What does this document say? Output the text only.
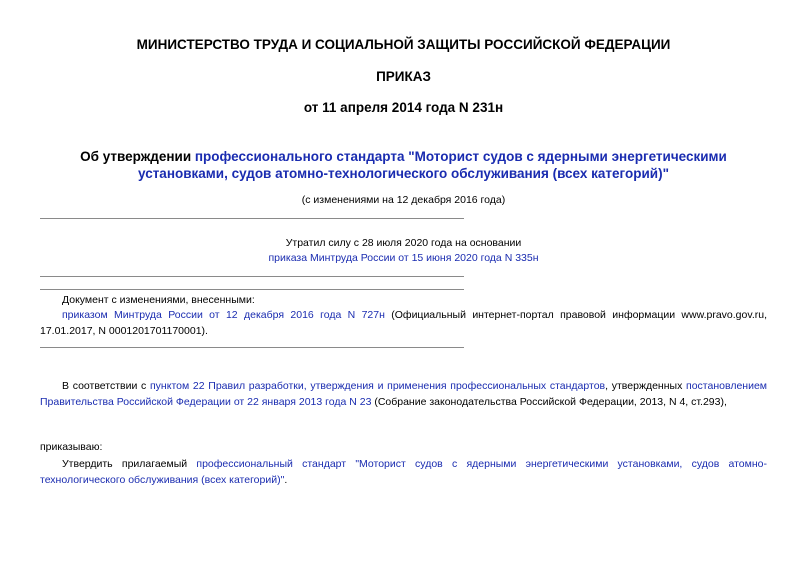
МИНИСТЕРСТВО ТРУДА И СОЦИАЛЬНОЙ ЗАЩИТЫ РОССИЙСКОЙ ФЕДЕРАЦИИ
ПРИКАЗ
от 11 апреля 2014 года N 231н
Об утверждении профессионального стандарта "Моторист судов с ядерными энергетическими установками, судов атомно-технологического обслуживания (всех категорий)"
(с изменениями на 12 декабря 2016 года)
Утратил силу с 28 июля 2020 года на основании
приказа Минтруда России от 15 июня 2020 года N 335н
Документ с изменениями, внесенными:
приказом Минтруда России от 12 декабря 2016 года N 727н (Официальный интернет-портал правовой информации www.pravo.gov.ru, 17.01.2017, N 0001201701170001).
В соответствии с пунктом 22 Правил разработки, утверждения и применения профессиональных стандартов, утвержденных постановлением Правительства Российской Федерации от 22 января 2013 года N 23 (Собрание законодательства Российской Федерации, 2013, N 4, ст.293),
приказываю:
Утвердить прилагаемый профессиональный стандарт "Моторист судов с ядерными энергетическими установками, судов атомно-технологического обслуживания (всех категорий)".
